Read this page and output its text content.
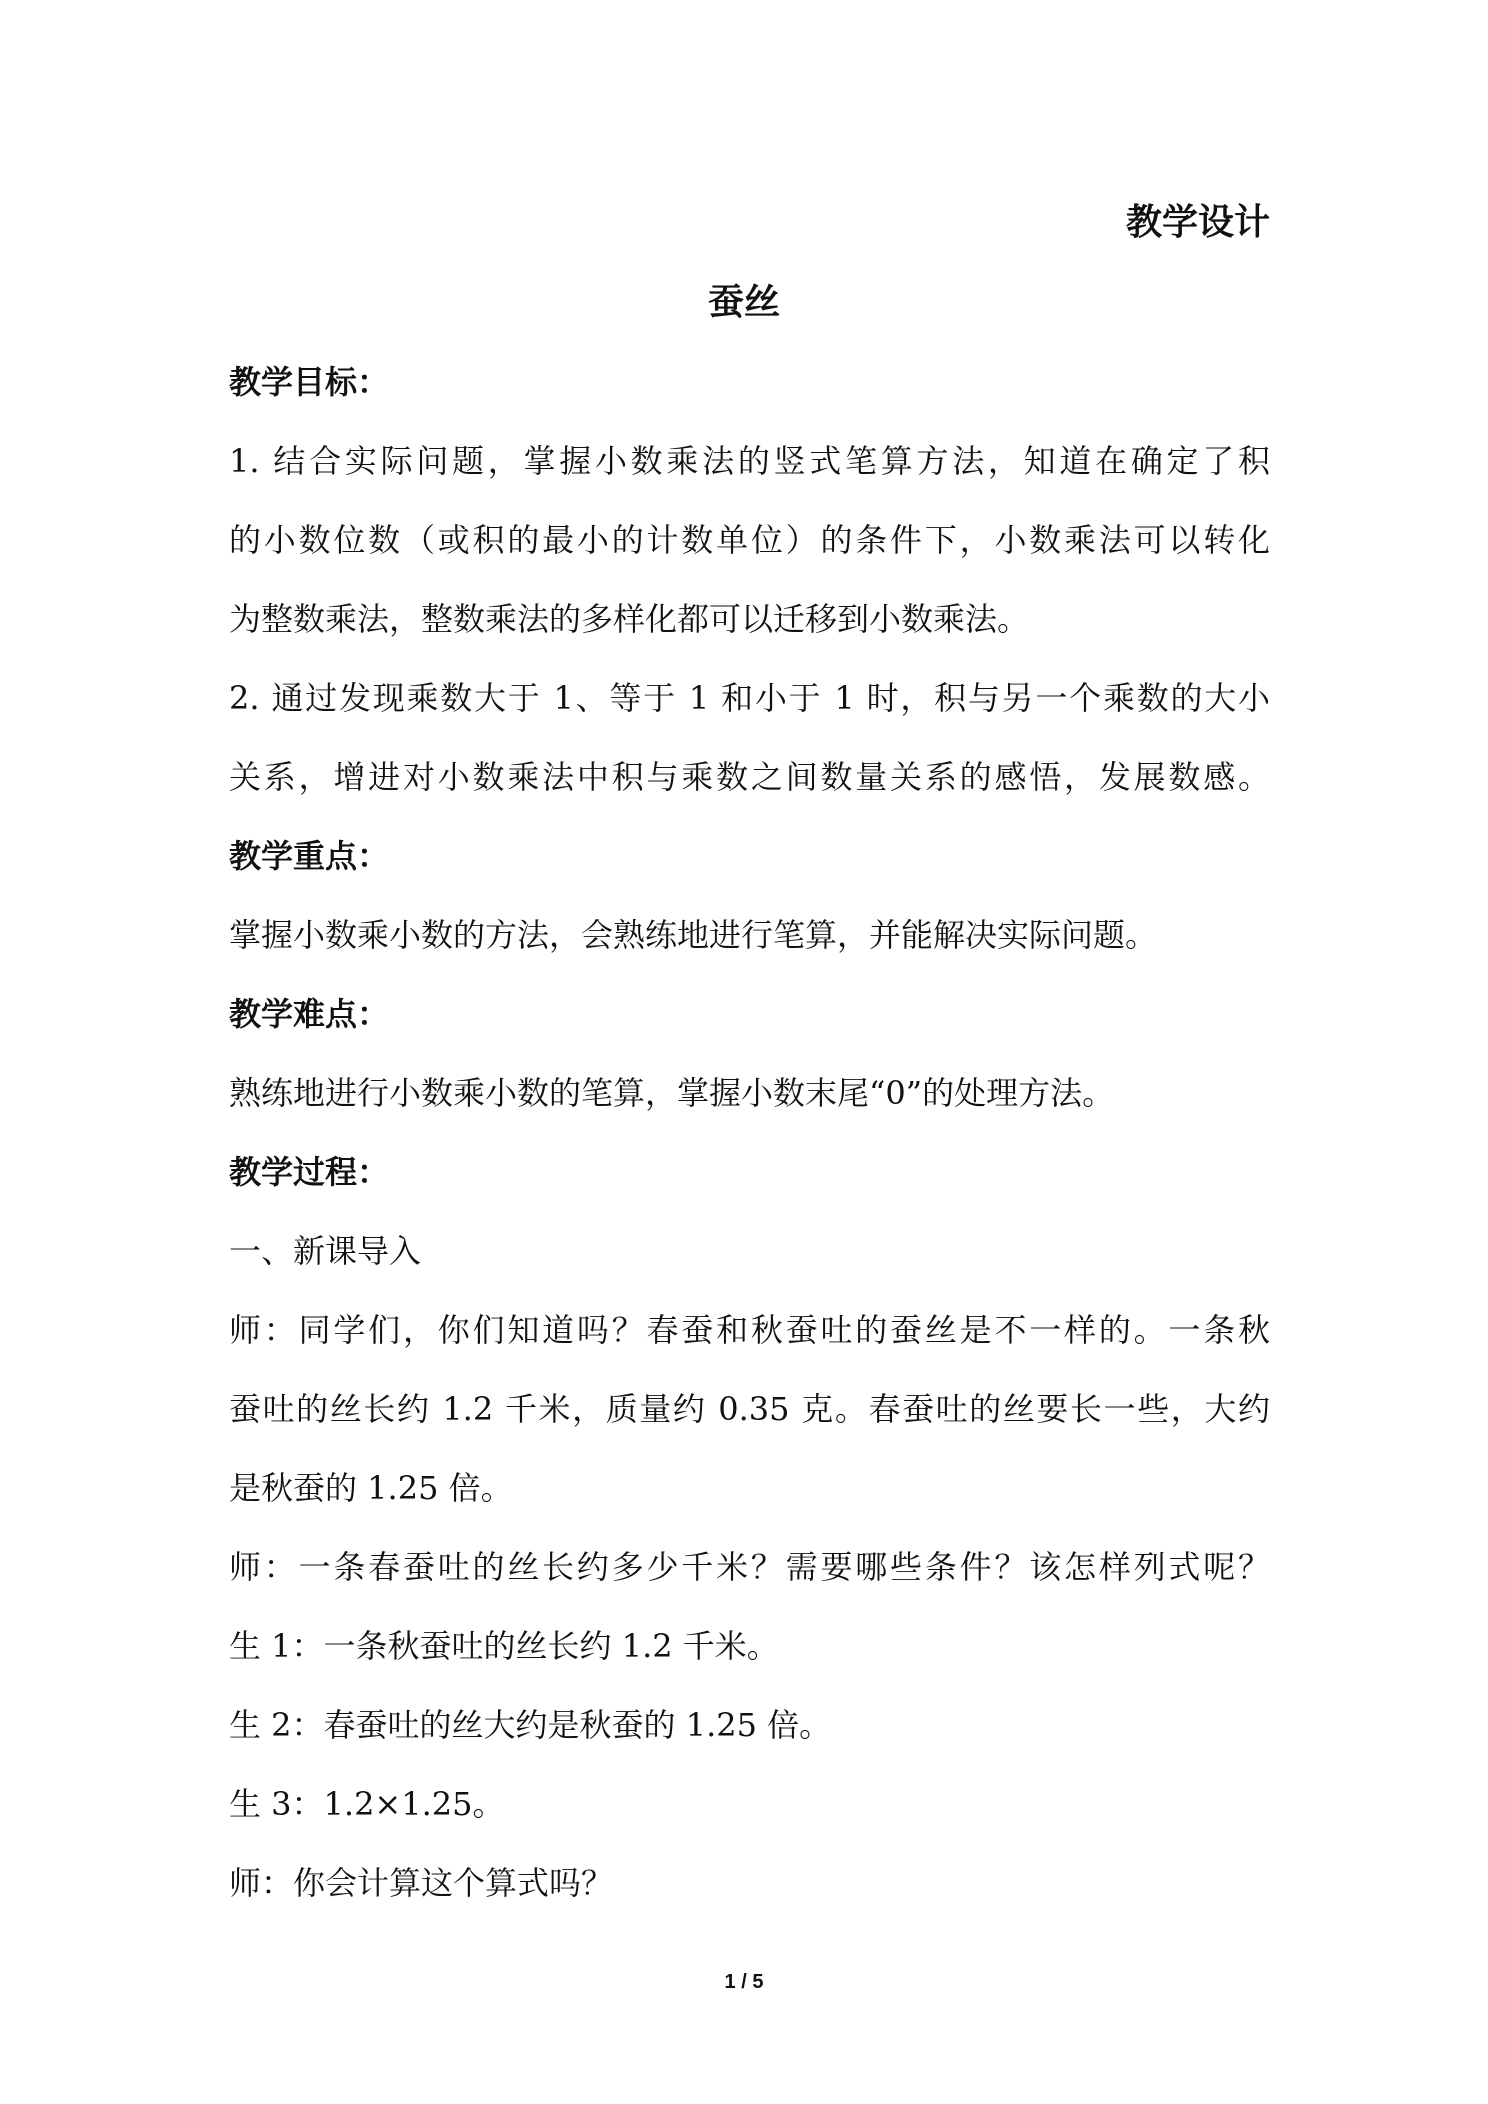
教学设计
蚕丝
教学目标：
1. 结合实际问题，掌握小数乘法的竖式笔算方法，知道在确定了积
的小数位数（或积的最小的计数单位）的条件下，小数乘法可以转化
为整数乘法，整数乘法的多样化都可以迁移到小数乘法。
2. 通过发现乘数大于 1、等于 1 和小于 1 时，积与另一个乘数的大小
关系，增进对小数乘法中积与乘数之间数量关系的感悟，发展数感。
教学重点：
掌握小数乘小数的方法，会熟练地进行笔算，并能解决实际问题。
教学难点：
熟练地进行小数乘小数的笔算，掌握小数末尾“0”的处理方法。
教学过程：
一、新课导入
师：同学们，你们知道吗？春蚕和秋蚕吐的蚕丝是不一样的。一条秋
蚕吐的丝长约 1.2 千米，质量约 0.35 克。春蚕吐的丝要长一些，大约
是秋蚕的 1.25 倍。
师：一条春蚕吐的丝长约多少千米？需要哪些条件？该怎样列式呢？
生 1：一条秋蚕吐的丝长约 1.2 千米。
生 2：春蚕吐的丝大约是秋蚕的 1.25 倍。
生 3：1.2×1.25。
师：你会计算这个算式吗？
1 / 5
